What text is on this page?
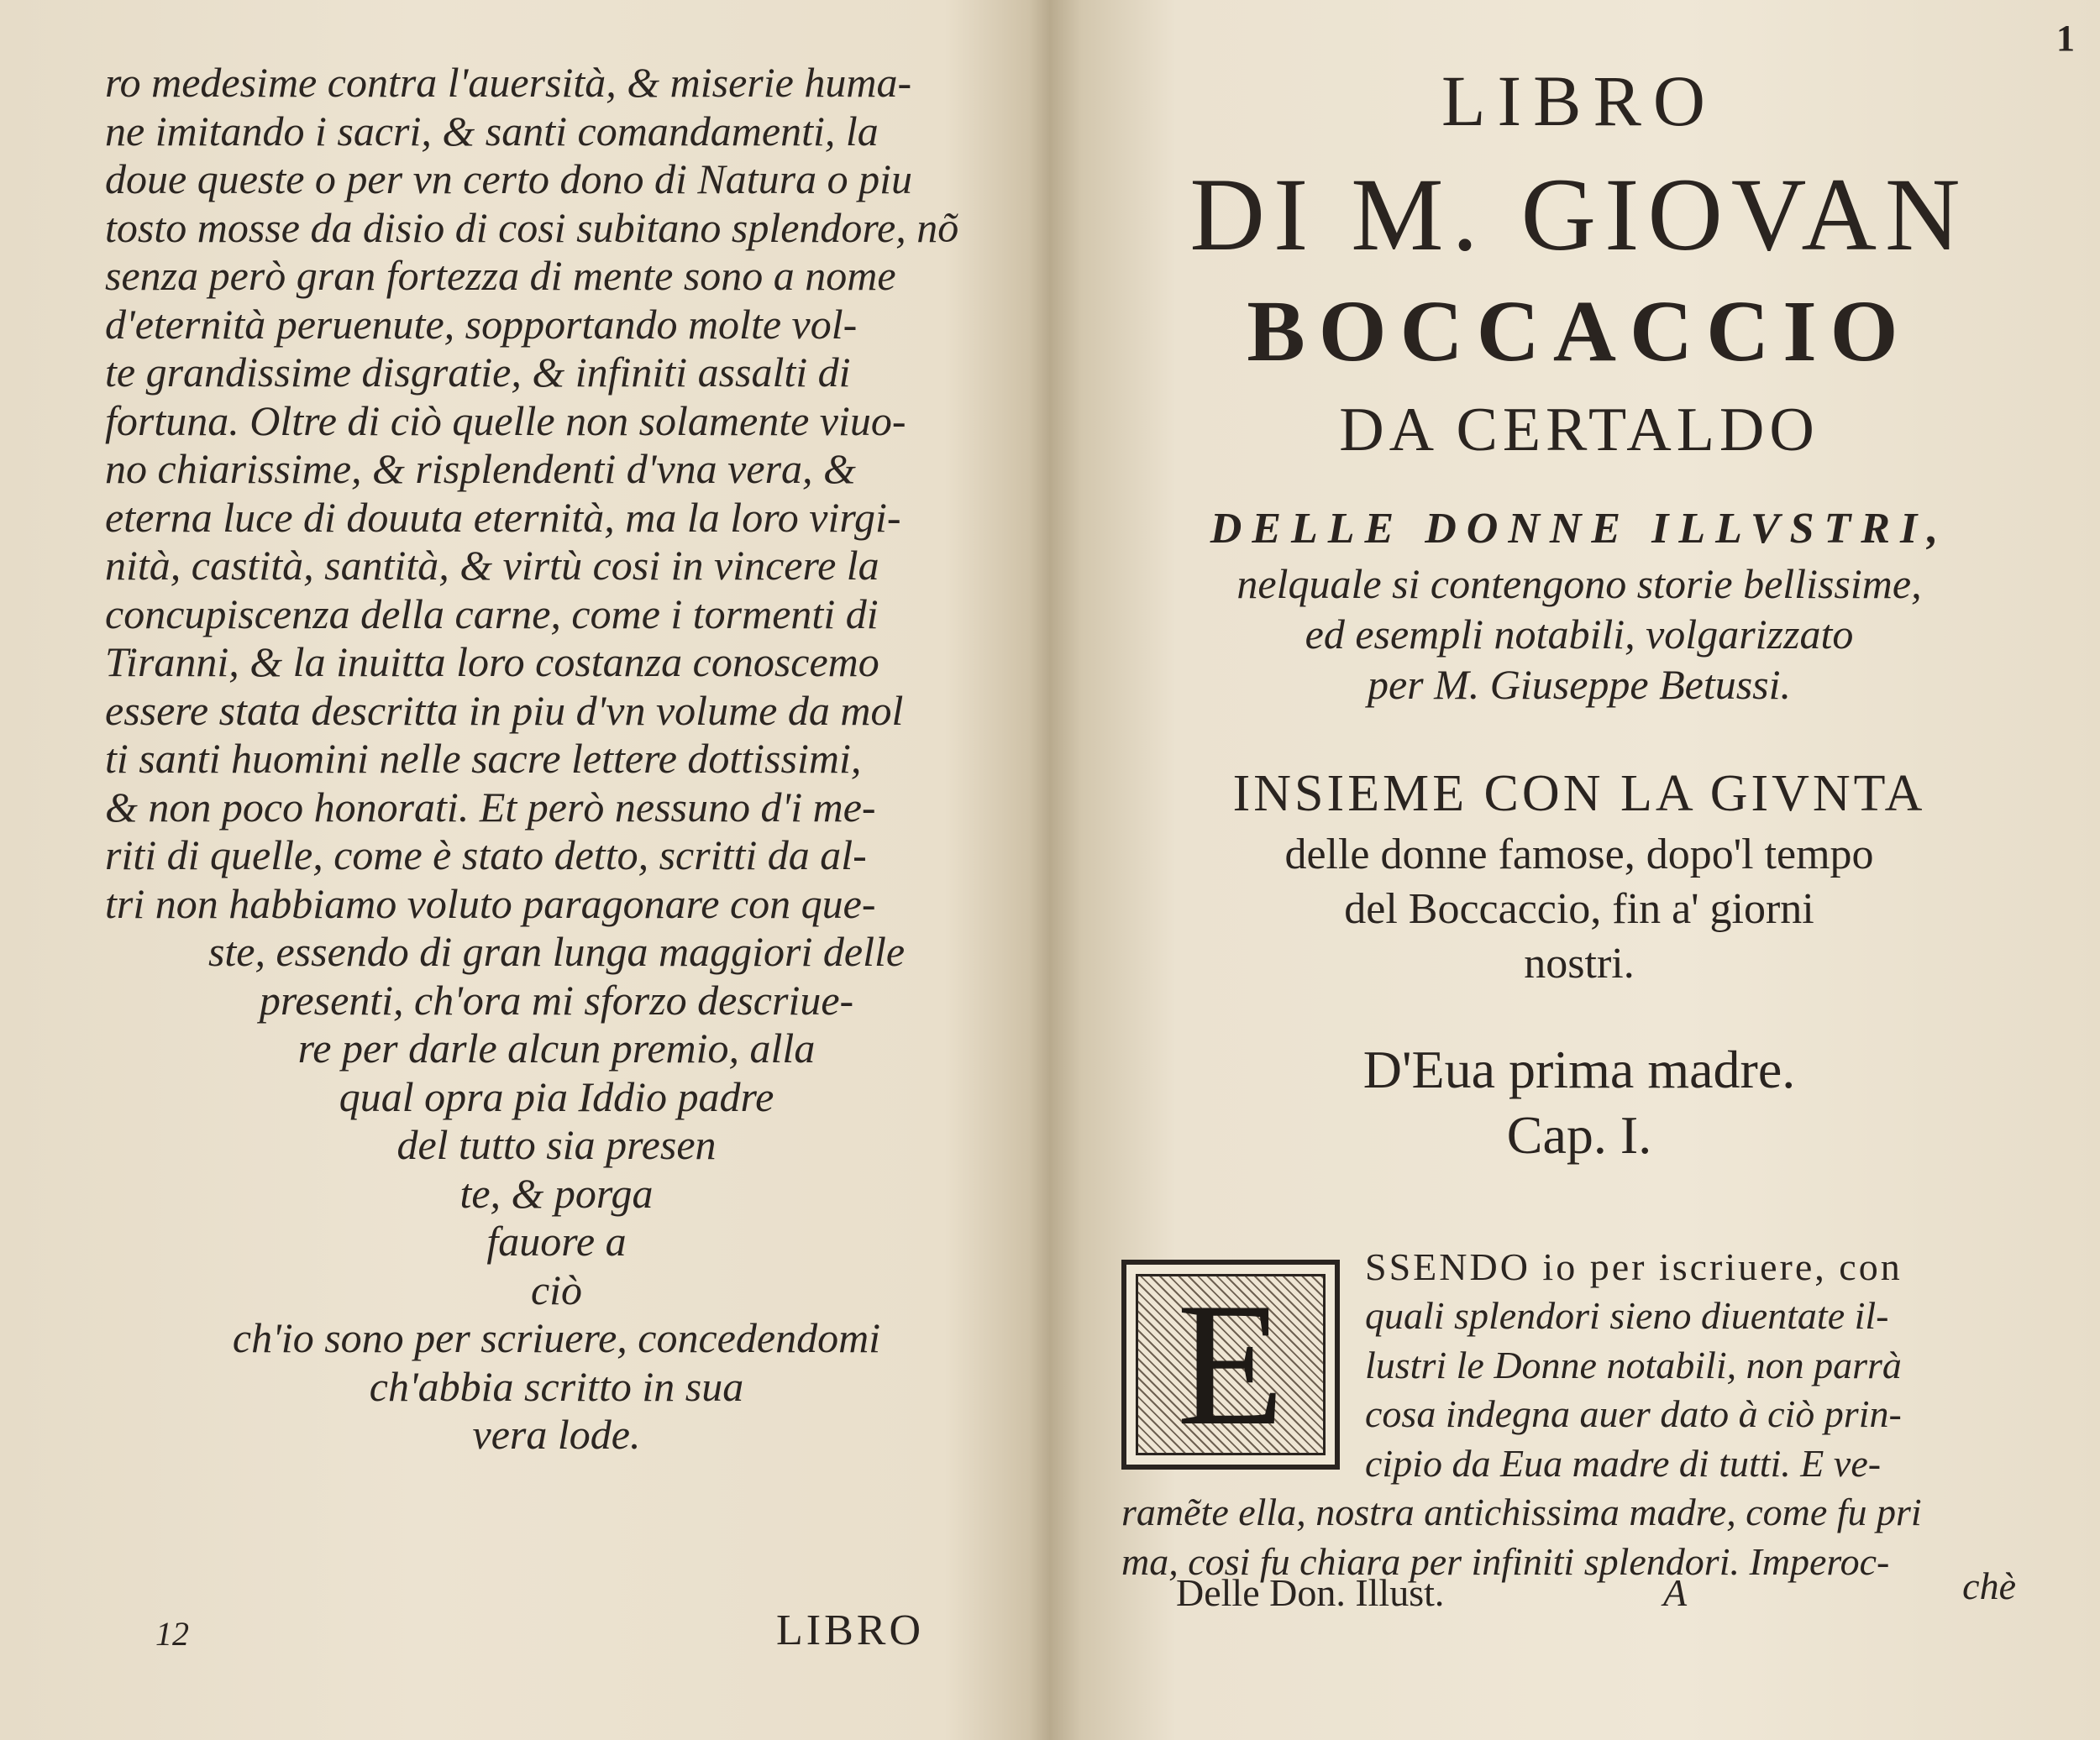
ro medesime contra l'auersità, & miserie huma-
ne imitando i sacri, & santi comandamenti, la
doue queste o per vn certo dono di Natura o piu
tosto mosse da disio di cosi subitano splendore, nõ
senza però gran fortezza di mente sono a nome
d'eternità peruenute, sopportando molte vol-
te grandissime disgratie, & infiniti assalti di
fortuna. Oltre di ciò quelle non solamente viuo-
no chiarissime, & risplendenti d'vna vera, &
eterna luce di douuta eternità, ma la loro virgi-
nità, castità, santità, & virtù cosi in vincere la
concupiscenza della carne, come i tormenti di
Tiranni, & la inuitta loro costanza conoscemo
essere stata descritta in piu d'vn volume da mol
ti santi huomini nelle sacre lettere dottissimi,
& non poco honorati. Et però nessuno d'i me-
riti di quelle, come è stato detto, scritti da al-
tri non habbiamo voluto paragonare con que-
ste, essendo di gran lunga maggiori delle
presenti, ch'ora mi sforzo descriue-
re per darle alcun premio, alla
qual opra pia Iddio padre
del tutto sia presen
te, & porga
fauore a
ciò
ch'io sono per scriuere, concedendomi
ch'abbia scritto in sua
vera lode.
12	LIBRO
1
LIBRO
DI M. GIOVAN
BOCCACCIO
DA CERTALDO
DELLE DONNE ILLVSTRI,
nelquale si contengono storie bellissime,
ed esempli notabili, volgarizzato
per M. Giuseppe Betussi.
INSIEME CON LA GIVNTA
delle donne famose, dopo'l tempo
del Boccaccio, fin a' giorni
nostri.
D'Eua prima madre.
Cap. I.
E
SSENDO io per iscriuere, con
quali splendori sieno diuentate il-
lustri le Donne notabili, non parrà
cosa indegna auer dato à ciò prin-
cipio da Eua madre di tutti. E ve-
ramẽte ella, nostra antichissima madre, come fu pri
ma, cosi fu chiara per infiniti splendori. Imperoc-
Delle Don. Illust.	A	chè
